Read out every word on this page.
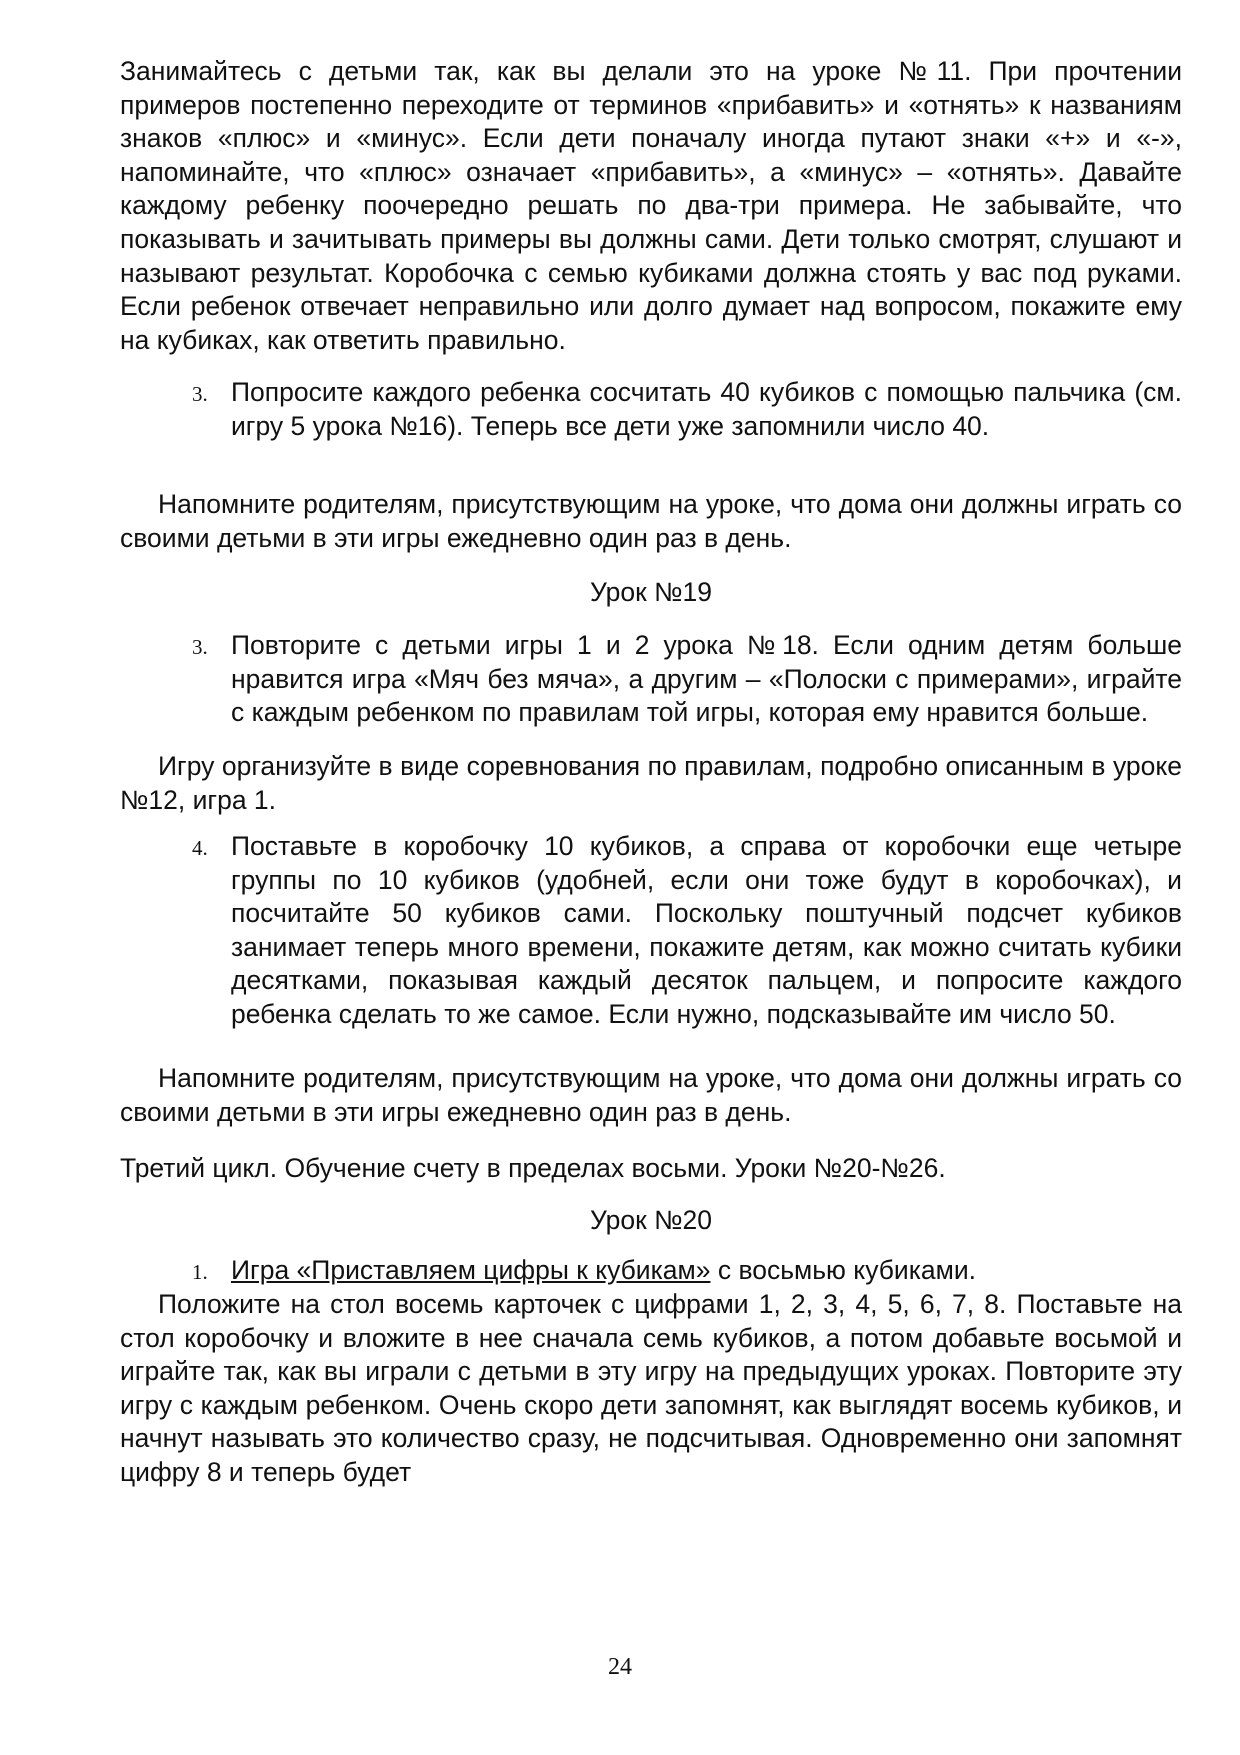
Занимайтесь с детьми так, как вы делали это на уроке №11. При прочтении примеров постепенно переходите от терминов «прибавить» и «отнять» к названиям знаков «плюс» и «минус». Если дети поначалу иногда путают знаки «+» и «-», напоминайте, что «плюс» означает «прибавить», а «минус» – «отнять». Давайте каждому ребенку поочередно решать по два-три примера. Не забывайте, что показывать и зачитывать примеры вы должны сами. Дети только смотрят, слушают и называют результат. Коробочка с семью кубиками должна стоять у вас под руками. Если ребенок отвечает неправильно или долго думает над вопросом, покажите ему на кубиках, как ответить правильно.

3. Попросите каждого ребенка сосчитать 40 кубиков с помощью пальчика (см. игру 5 урока №16). Теперь все дети уже запомнили число 40.

Напомните родителям, присутствующим на уроке, что дома они должны играть со своими детьми в эти игры ежедневно один раз в день.

Урок №19

3. Повторите с детьми игры 1 и 2 урока №18. Если одним детям больше нравится игра «Мяч без мяча», а другим – «Полоски с примерами», играйте с каждым ребенком по правилам той игры, которая ему нравится больше.

Игру организуйте в виде соревнования по правилам, подробно описанным в уроке №12, игра 1.

4. Поставьте в коробочку 10 кубиков, а справа от коробочки еще четыре группы по 10 кубиков (удобней, если они тоже будут в коробочках), и посчитайте 50 кубиков сами. Поскольку поштучный подсчет кубиков занимает теперь много времени, покажите детям, как можно считать кубики десятками, показывая каждый десяток пальцем, и попросите каждого ребенка сделать то же самое. Если нужно, подсказывайте им число 50.

Напомните родителям, присутствующим на уроке, что дома они должны играть со своими детьми в эти игры ежедневно один раз в день.

Третий цикл. Обучение счету в пределах восьми. Уроки №20-№26.

Урок №20

1. Игра «Приставляем цифры к кубикам» с восьмью кубиками.

Положите на стол восемь карточек с цифрами 1, 2, 3, 4, 5, 6, 7, 8. Поставьте на стол коробочку и вложите в нее сначала семь кубиков, а потом добавьте восьмой и играйте так, как вы играли с детьми в эту игру на предыдущих уроках. Повторите эту игру с каждым ребенком. Очень скоро дети запомнят, как выглядят восемь кубиков, и начнут называть это количество сразу, не подсчитывая. Одновременно они запомнят цифру 8 и теперь будет

24
